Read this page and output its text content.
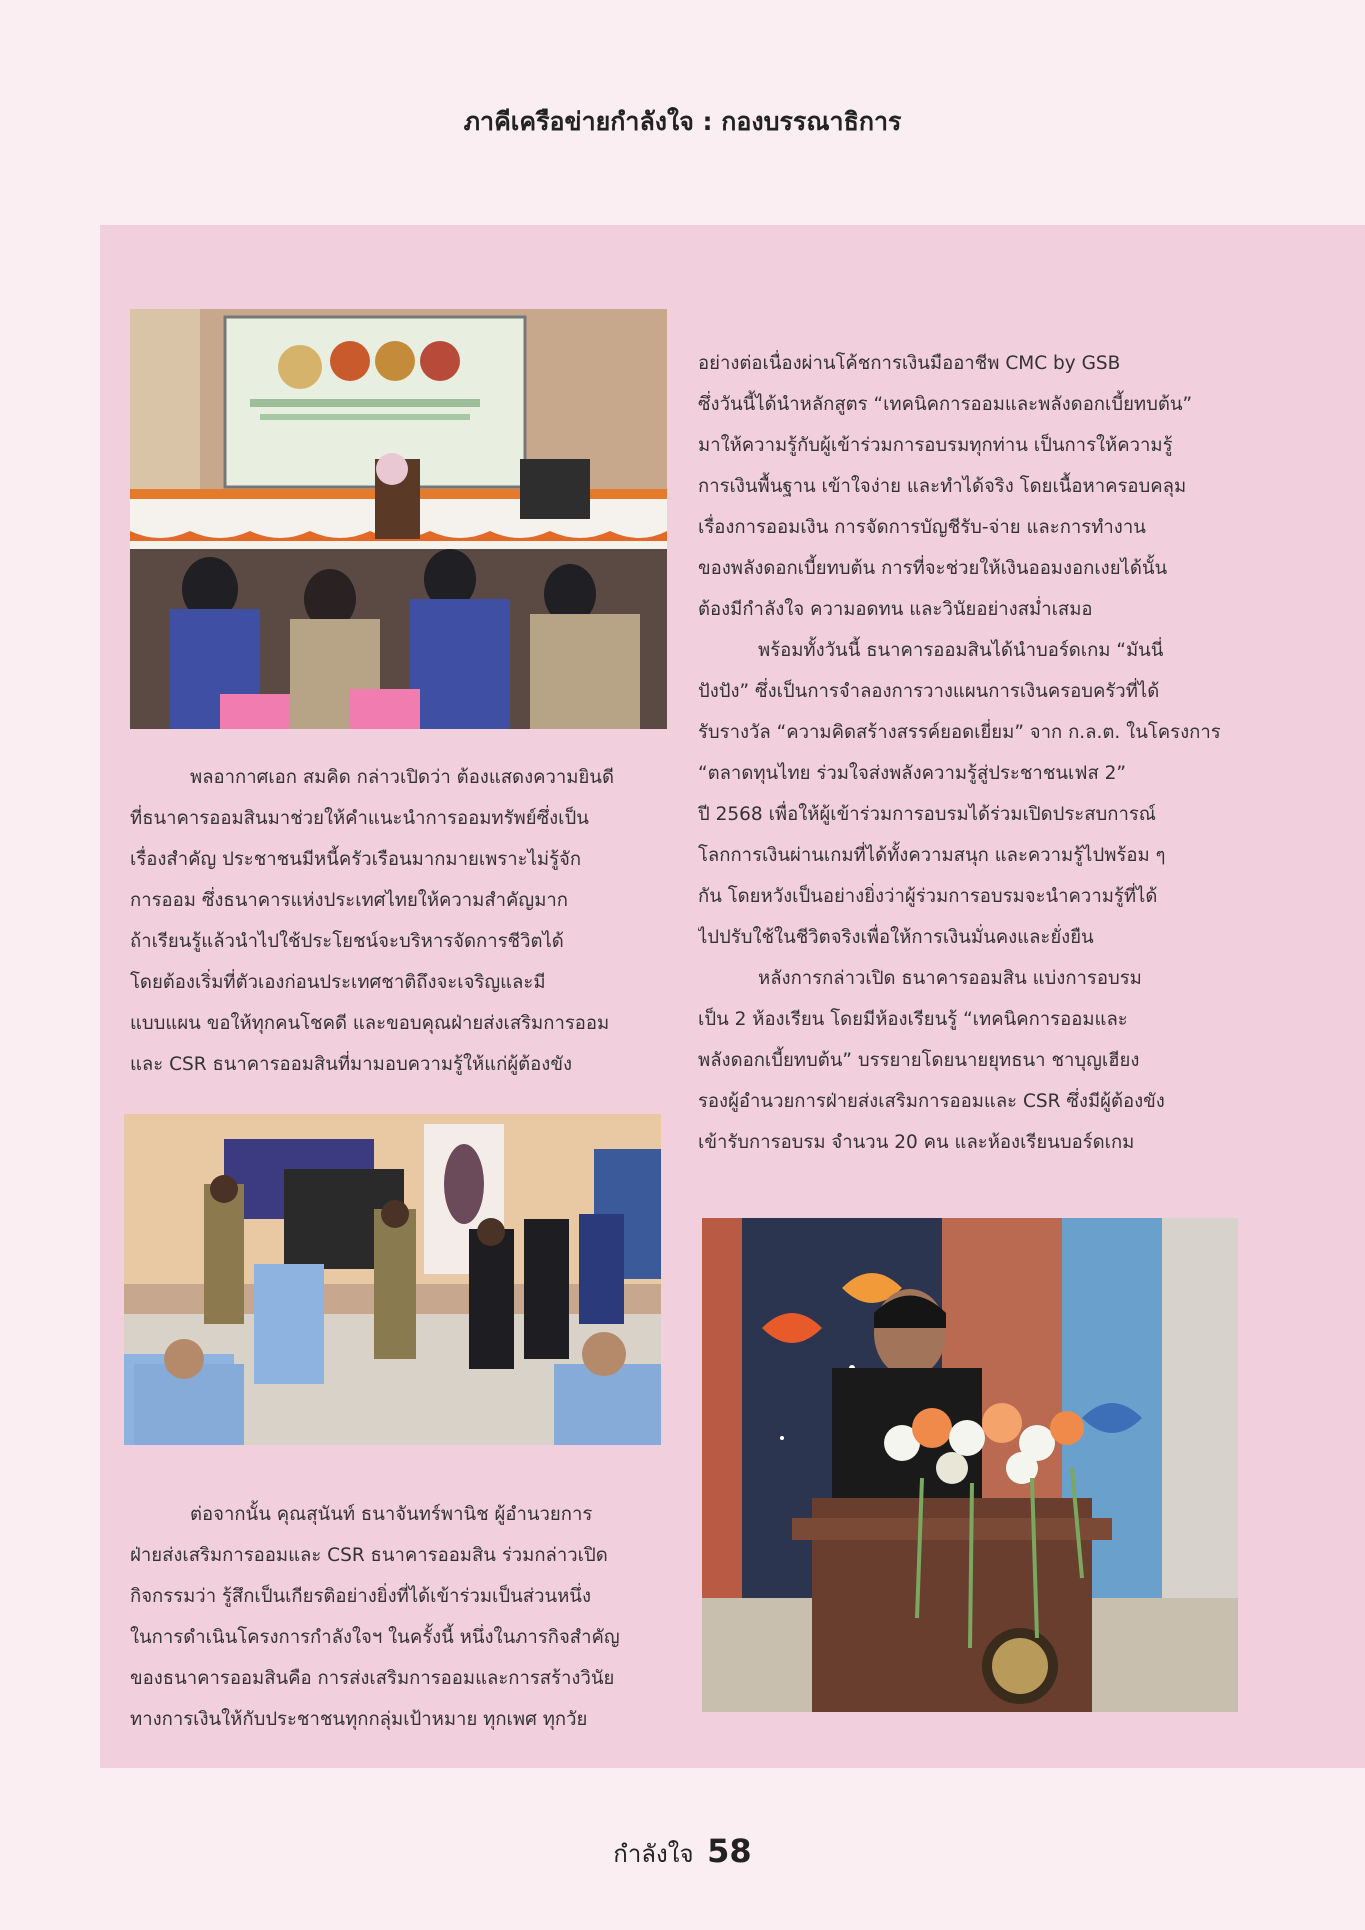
ภาคีเครือข่ายกำลังใจ : กองบรรณาธิการ
อย่างต่อเนื่องผ่านโค้ชการเงินมืออาชีพ CMC by GSB
ซึ่งวันนี้ได้นำหลักสูตร “เทคนิคการออมและพลังดอกเบี้ยทบต้น”
มาให้ความรู้กับผู้เข้าร่วมการอบรมทุกท่าน เป็นการให้ความรู้
การเงินพื้นฐาน เข้าใจง่าย และทำได้จริง โดยเนื้อหาครอบคลุม
เรื่องการออมเงิน การจัดการบัญชีรับ-จ่าย และการทำงาน
ของพลังดอกเบี้ยทบต้น การที่จะช่วยให้เงินออมงอกเงยได้นั้น
ต้องมีกำลังใจ ความอดทน และวินัยอย่างสม่ำเสมอ
พร้อมทั้งวันนี้ ธนาคารออมสินได้นำบอร์ดเกม “มันนี่
ปังปัง” ซึ่งเป็นการจำลองการวางแผนการเงินครอบครัวที่ได้
รับรางวัล “ความคิดสร้างสรรค์ยอดเยี่ยม” จาก ก.ล.ต. ในโครงการ
“ตลาดทุนไทย ร่วมใจส่งพลังความรู้สู่ประชาชนเฟส 2”
ปี 2568 เพื่อให้ผู้เข้าร่วมการอบรมได้ร่วมเปิดประสบการณ์
โลกการเงินผ่านเกมที่ได้ทั้งความสนุก และความรู้ไปพร้อม ๆ
กัน โดยหวังเป็นอย่างยิ่งว่าผู้ร่วมการอบรมจะนำความรู้ที่ได้
ไปปรับใช้ในชีวิตจริงเพื่อให้การเงินมั่นคงและยั่งยืน
หลังการกล่าวเปิด ธนาคารออมสิน แบ่งการอบรม
เป็น 2 ห้องเรียน โดยมีห้องเรียนรู้ “เทคนิคการออมและ
พลังดอกเบี้ยทบต้น” บรรยายโดยนายยุทธนา ชาบุญเฮียง
รองผู้อำนวยการฝ่ายส่งเสริมการออมและ CSR ซึ่งมีผู้ต้องขัง
เข้ารับการอบรม จำนวน 20 คน และห้องเรียนบอร์ดเกม
พลอากาศเอก สมคิด กล่าวเปิดว่า ต้องแสดงความยินดี
ที่ธนาคารออมสินมาช่วยให้คำแนะนำการออมทรัพย์ซึ่งเป็น
เรื่องสำคัญ ประชาชนมีหนี้ครัวเรือนมากมายเพราะไม่รู้จัก
การออม ซึ่งธนาคารแห่งประเทศไทยให้ความสำคัญมาก
ถ้าเรียนรู้แล้วนำไปใช้ประโยชน์จะบริหารจัดการชีวิตได้
โดยต้องเริ่มที่ตัวเองก่อนประเทศชาติถึงจะเจริญและมี
แบบแผน ขอให้ทุกคนโชคดี และขอบคุณฝ่ายส่งเสริมการออม
และ CSR ธนาคารออมสินที่มามอบความรู้ให้แก่ผู้ต้องขัง
ต่อจากนั้น คุณสุนันท์ ธนาจันทร์พานิช ผู้อำนวยการ
ฝ่ายส่งเสริมการออมและ CSR ธนาคารออมสิน ร่วมกล่าวเปิด
กิจกรรมว่า รู้สึกเป็นเกียรติอย่างยิ่งที่ได้เข้าร่วมเป็นส่วนหนึ่ง
ในการดำเนินโครงการกำลังใจฯ ในครั้งนี้ หนึ่งในภารกิจสำคัญ
ของธนาคารออมสินคือ การส่งเสริมการออมและการสร้างวินัย
ทางการเงินให้กับประชาชนทุกกลุ่มเป้าหมาย ทุกเพศ ทุกวัย
กำลังใจ 58
